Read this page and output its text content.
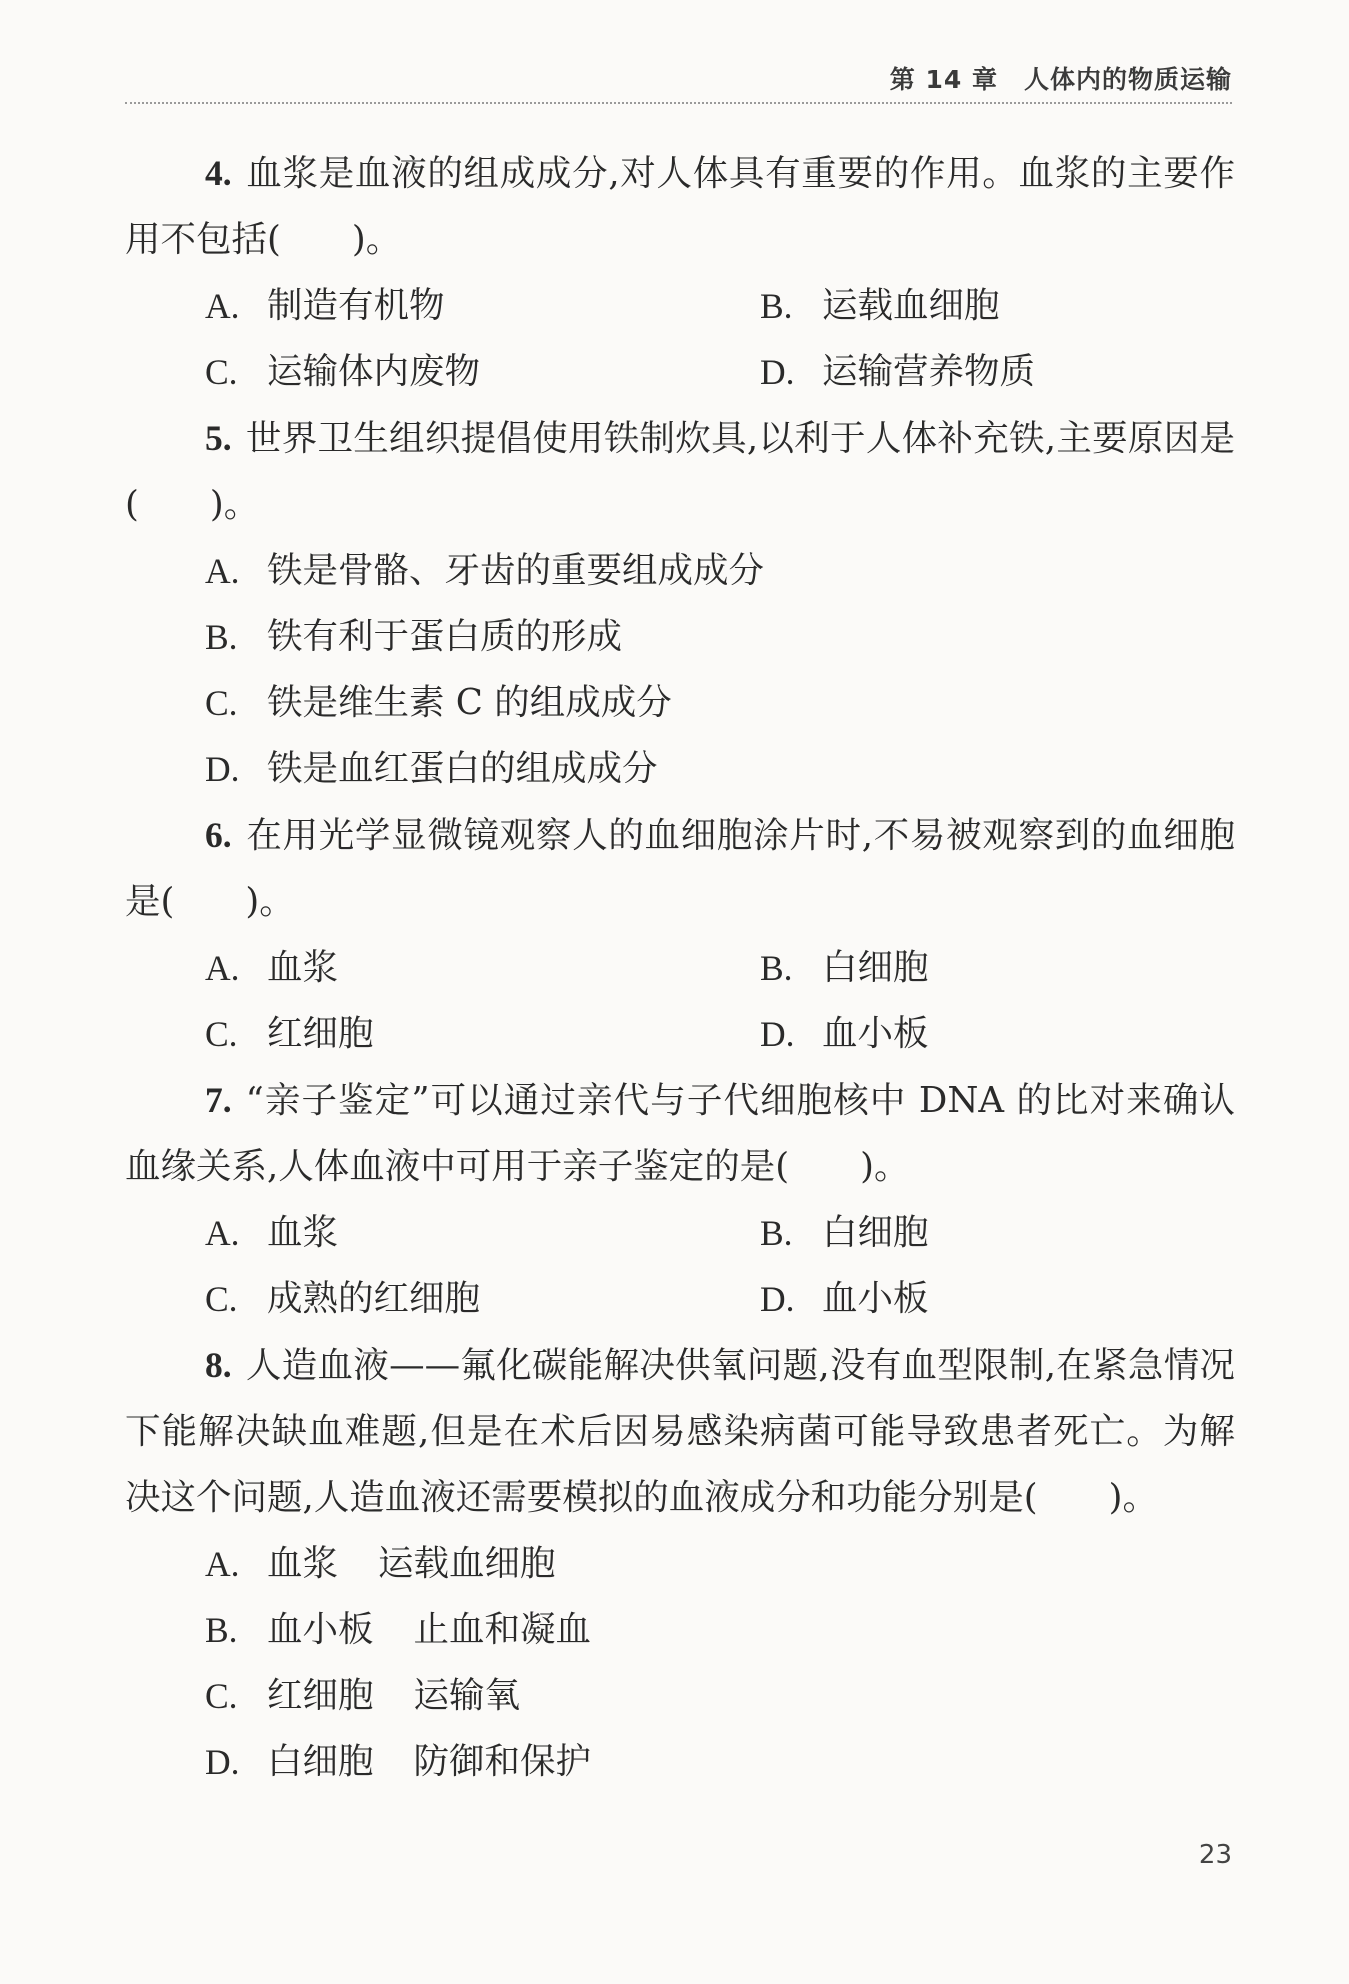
第 14 章　人体内的物质运输

4. 血浆是血液的组成成分,对人体具有重要的作用。血浆的主要作用不包括(　　)。

A. 制造有机物	B. 运载血细胞
C. 运输体内废物	D. 运输营养物质

5. 世界卫生组织提倡使用铁制炊具,以利于人体补充铁,主要原因是(　　)。

A. 铁是骨骼、牙齿的重要组成成分
B. 铁有利于蛋白质的形成
C. 铁是维生素 C 的组成成分
D. 铁是血红蛋白的组成成分

6. 在用光学显微镜观察人的血细胞涂片时,不易被观察到的血细胞是(　　)。

A. 血浆	B. 白细胞
C. 红细胞	D. 血小板

7. “亲子鉴定”可以通过亲代与子代细胞核中 DNA 的比对来确认血缘关系,人体血液中可用于亲子鉴定的是(　　)。

A. 血浆	B. 白细胞
C. 成熟的红细胞	D. 血小板

8. 人造血液——氟化碳能解决供氧问题,没有血型限制,在紧急情况下能解决缺血难题,但是在术后因易感染病菌可能导致患者死亡。为解决这个问题,人造血液还需要模拟的血液成分和功能分别是(　　)。

A. 血浆 运载血细胞
B. 血小板 止血和凝血
C. 红细胞 运输氧
D. 白细胞 防御和保护
23
